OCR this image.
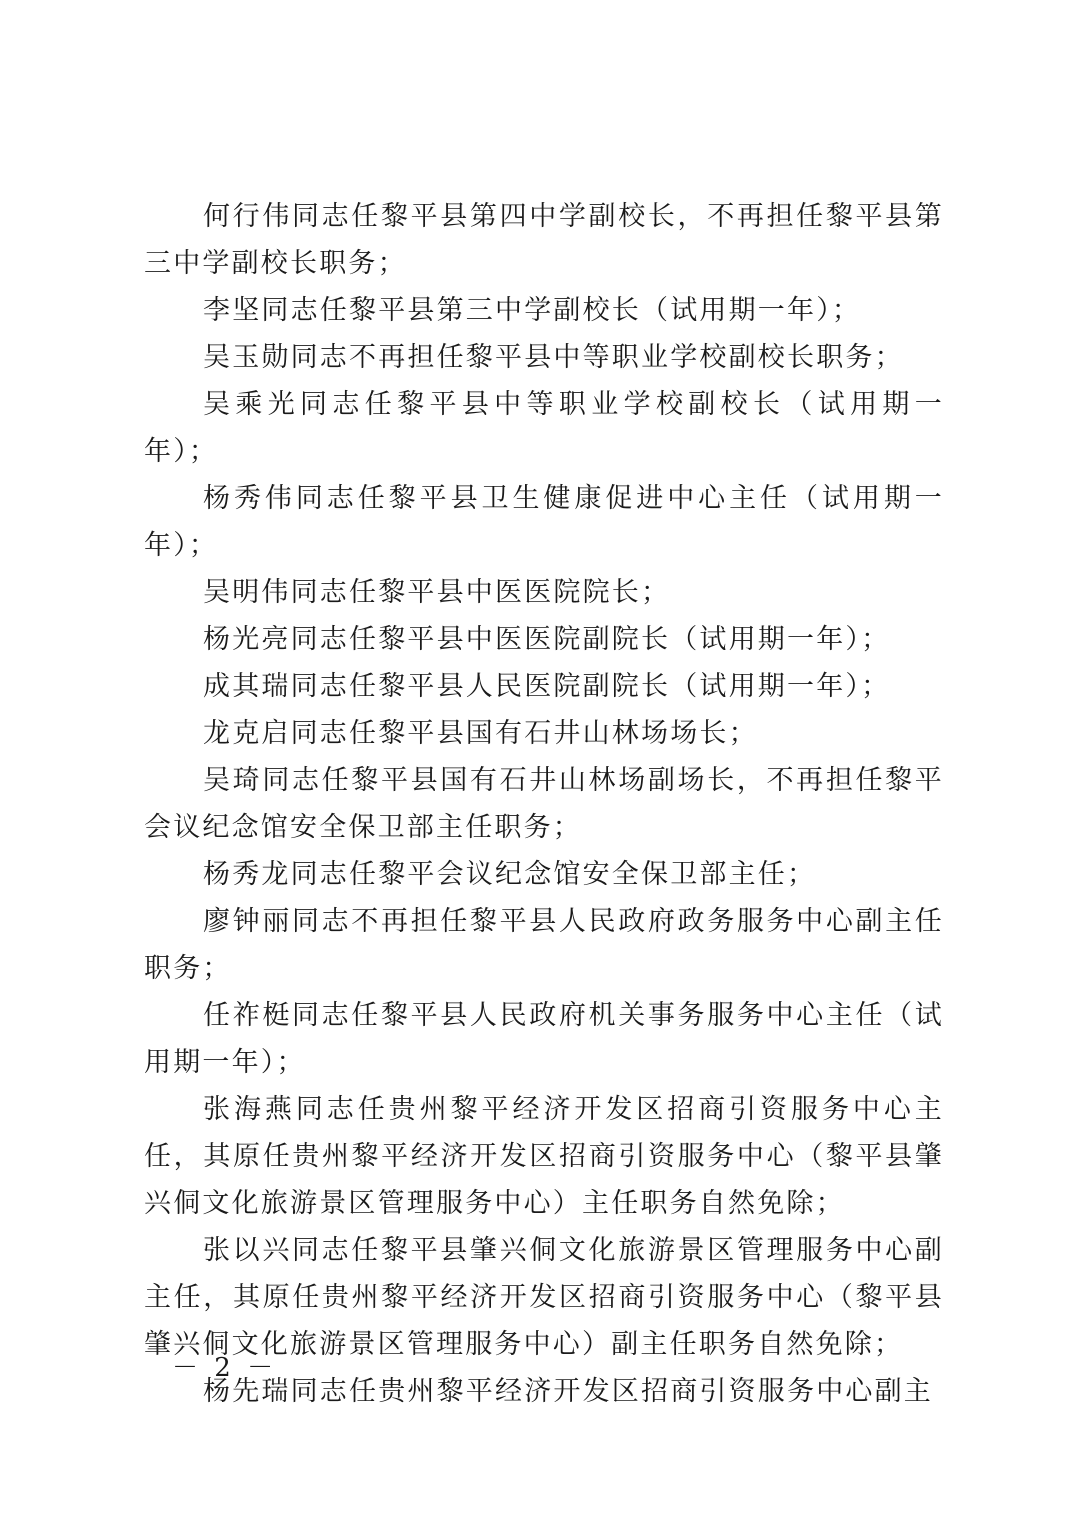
何行伟同志任黎平县第四中学副校长，不再担任黎平县第三中学副校长职务；

李坚同志任黎平县第三中学副校长（试用期一年）；

吴玉勋同志不再担任黎平县中等职业学校副校长职务；

吴乘光同志任黎平县中等职业学校副校长（试用期一年）；

杨秀伟同志任黎平县卫生健康促进中心主任（试用期一年）；

吴明伟同志任黎平县中医医院院长；

杨光亮同志任黎平县中医医院副院长（试用期一年）；

成其瑞同志任黎平县人民医院副院长（试用期一年）；

龙克启同志任黎平县国有石井山林场场长；

吴琦同志任黎平县国有石井山林场副场长，不再担任黎平会议纪念馆安全保卫部主任职务；

杨秀龙同志任黎平会议纪念馆安全保卫部主任；

廖钟丽同志不再担任黎平县人民政府政务服务中心副主任职务；

任祚梃同志任黎平县人民政府机关事务服务中心主任（试用期一年）；

张海燕同志任贵州黎平经济开发区招商引资服务中心主任，其原任贵州黎平经济开发区招商引资服务中心（黎平县肇兴侗文化旅游景区管理服务中心）主任职务自然免除；

张以兴同志任黎平县肇兴侗文化旅游景区管理服务中心副主任，其原任贵州黎平经济开发区招商引资服务中心（黎平县肇兴侗文化旅游景区管理服务中心）副主任职务自然免除；

杨先瑞同志任贵州黎平经济开发区招商引资服务中心副主

－ 2 －
